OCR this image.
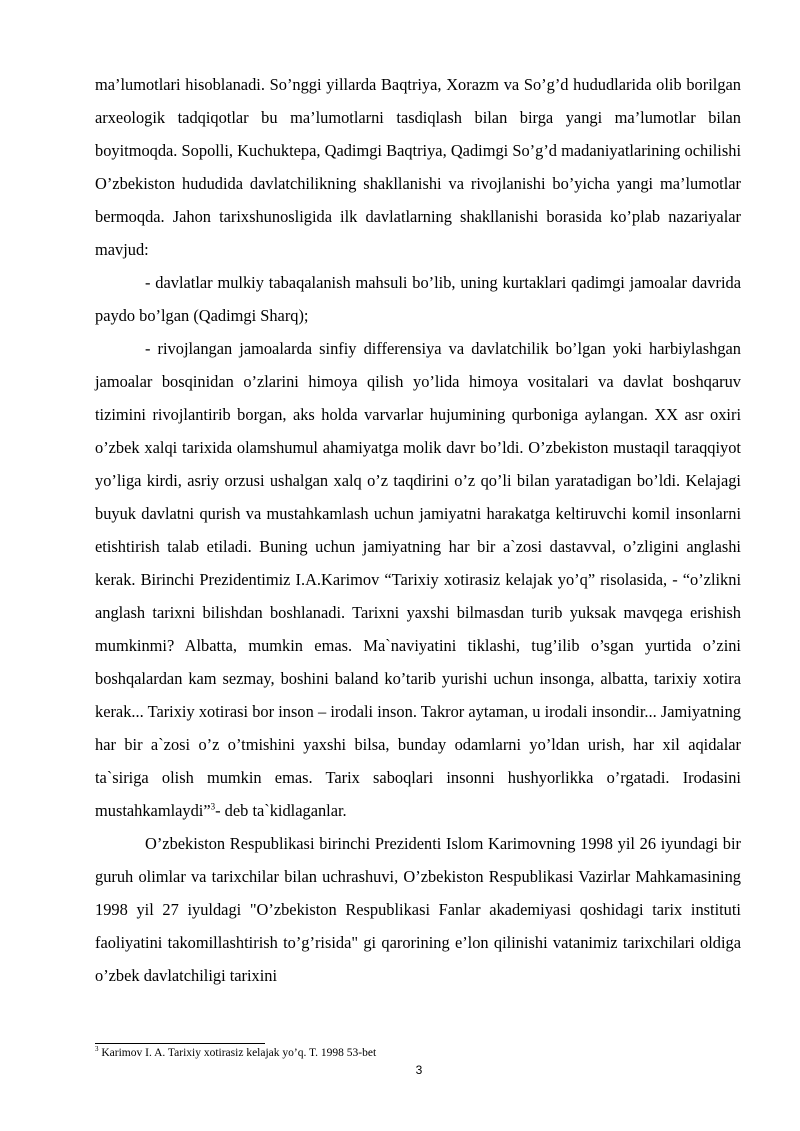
ma’lumotlari hisoblanadi. So’nggi yillarda Baqtriya, Xorazm va So’g’d hududlarida olib borilgan arxeologik tadqiqotlar bu ma’lumotlarni tasdiqlash bilan birga yangi ma’lumotlar bilan boyitmoqda. Sopolli, Kuchuktepa, Qadimgi Baqtriya, Qadimgi So’g’d madaniyatlarining ochilishi O’zbekiston hududida davlatchilikning shakllanishi va rivojlanishi bo’yicha yangi ma’lumotlar bermoqda. Jahon tarixshunosligida ilk davlatlarning shakllanishi borasida ko’plab nazariyalar mavjud:

- davlatlar mulkiy tabaqalanish mahsuli bo’lib, uning kurtaklari qadimgi jamoalar davrida paydo bo’lgan (Qadimgi Sharq);

- rivojlangan jamoalarda sinfiy differensiya va davlatchilik bo’lgan yoki harbiylashgan jamoalar bosqinidan o’zlarini himoya qilish yo’lida himoya vositalari va davlat boshqaruv tizimini rivojlantirib borgan, aks holda varvarlar hujumining qurboniga aylangan. XX asr oxiri o’zbek xalqi tarixida olamshumul ahamiyatga molik davr bo’ldi. O’zbekiston mustaqil taraqqiyot yo’liga kirdi, asriy orzusi ushalgan xalq o’z taqdirini o’z qo’li bilan yaratadigan bo’ldi. Kelajagi buyuk davlatni qurish va mustahkamlash uchun jamiyatni harakatga keltiruvchi komil insonlarni etishtirish talab etiladi. Buning uchun jamiyatning har bir a`zosi dastavval, o’zligini anglashi kerak. Birinchi Prezidentimiz I.A.Karimov “Tarixiy xotirasiz kelajak yo’q” risolasida, - “o’zlikni anglash tarixni bilishdan boshlanadi. Tarixni yaxshi bilmasdan turib yuksak mavqega erishish mumkinmi? Albatta, mumkin emas. Ma`naviyatini tiklashi, tug’ilib o’sgan yurtida o’zini boshqalardan kam sezmay, boshini baland ko’tarib yurishi uchun insonga, albatta, tarixiy xotira kerak... Tarixiy xotirasi bor inson – irodali inson. Takror aytaman, u irodali insondir... Jamiyatning har bir a`zosi o’z o’tmishini yaxshi bilsa, bunday odamlarni yo’ldan urish, har xil aqidalar ta`siriga olish mumkin emas. Tarix saboqlari insonni hushyorlikka o’rgatadi. Irodasini mustahkamlaydi”$^3$- deb ta`kidlaganlar.

O’zbekiston Respublikasi birinchi Prezidenti Islom Karimovning 1998 yil 26 iyundagi bir guruh olimlar va tarixchilar bilan uchrashuvi, O’zbekiston Respublikasi Vazirlar Mahkamasining 1998 yil 27 iyuldagi "O’zbekiston Respublikasi Fanlar akademiyasi qoshidagi tarix instituti faoliyatini takomillashtirish to’g’risida" gi qarorining e’lon qilinishi vatanimiz tarixchilari oldiga o’zbek davlatchiligi tarixini

$^3$ Karimov I. A. Tarixiy xotirasiz kelajak yo’q. T. 1998 53-bet
3
